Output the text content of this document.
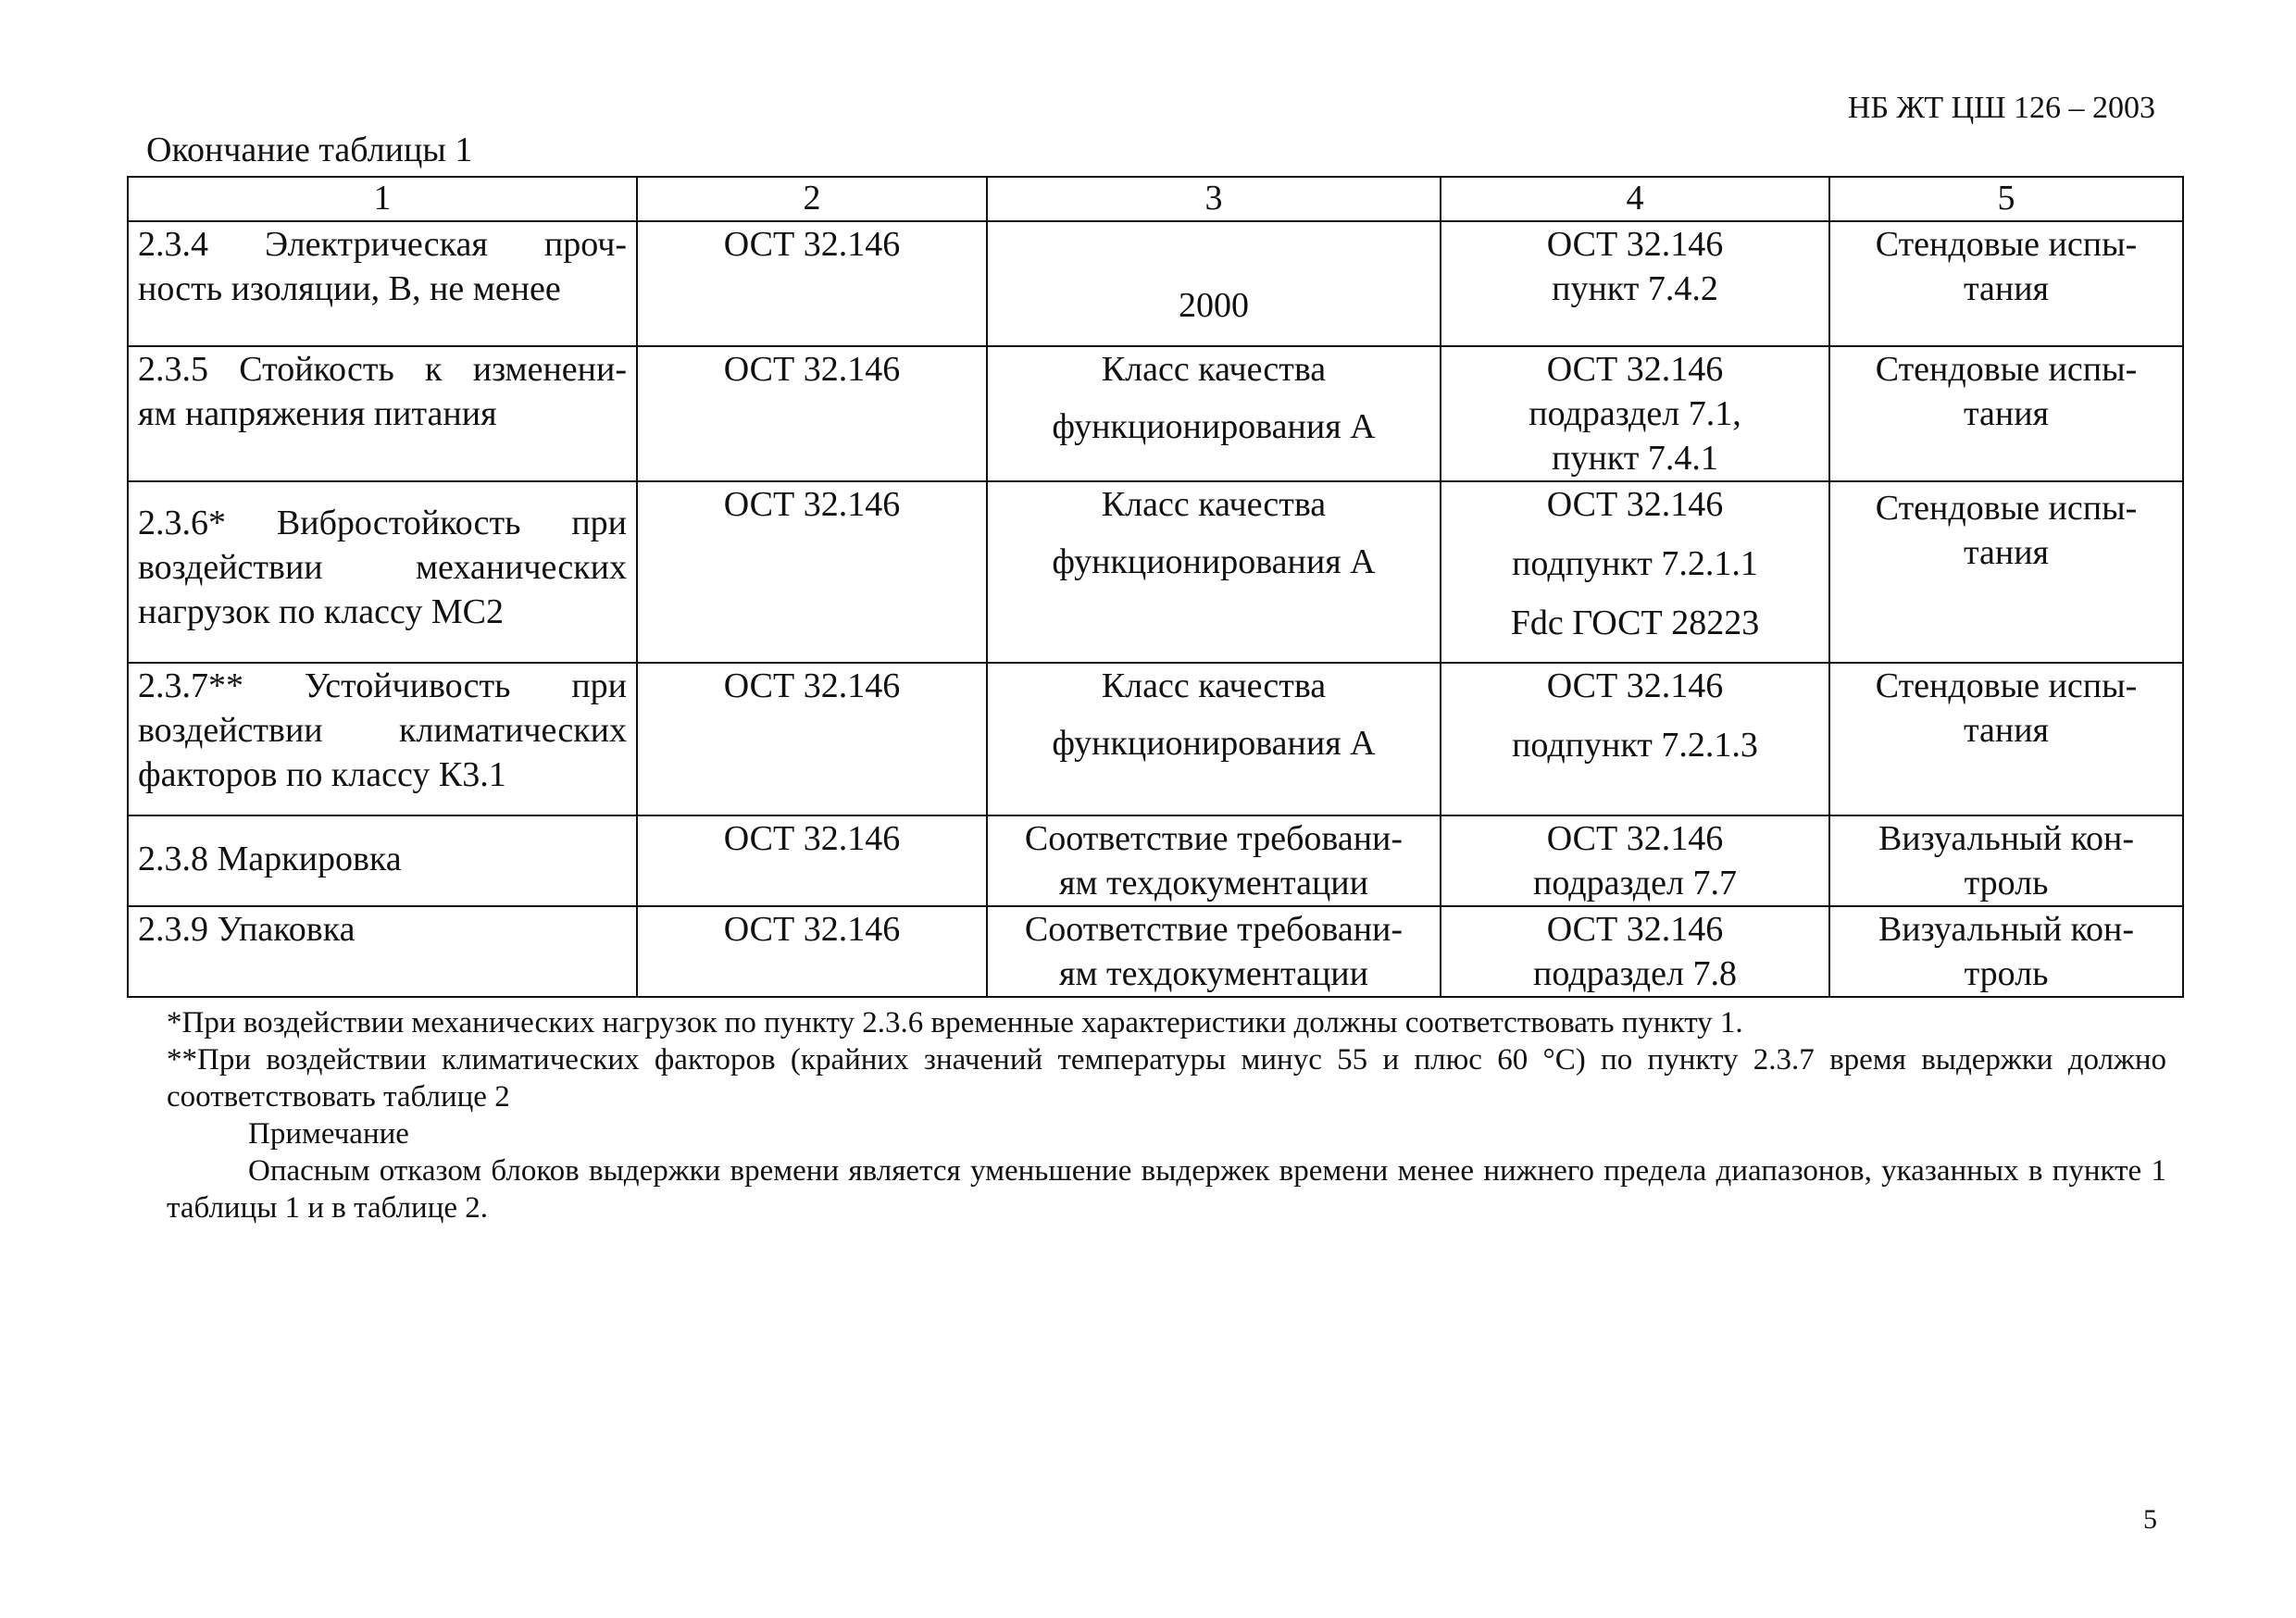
НБ ЖТ ЦШ 126 – 2003
Окончание таблицы 1
1	2	3	4	5

2.3.4 Электрическая проч-
ность изоляции, В, не менее	ОСТ 32.146	2000	ОСТ 32.146
пункт 7.4.2	Стендовые испы-
тания

2.3.5 Стойкость к изменени-
ям напряжения питания	ОСТ 32.146	Класс качества
функционирования А	ОСТ 32.146
подраздел 7.1,
пункт 7.4.1	Стендовые испы-
тания

2.3.6* Вибростойкость при
воздействии механических
нагрузок по классу МС2	ОСТ 32.146	Класс качества
функционирования А	ОСТ 32.146
подпункт 7.2.1.1
Fdc ГОСТ 28223	Стендовые испы-
тания

2.3.7** Устойчивость при
воздействии климатических
факторов по классу К3.1	ОСТ 32.146	Класс качества
функционирования А	ОСТ 32.146
подпункт 7.2.1.3	Стендовые испы-
тания

2.3.8 Маркировка	ОСТ 32.146	Соответствие требовани-
ям техдокументации	ОСТ 32.146
подраздел 7.7	Визуальный кон-
троль

2.3.9 Упаковка	ОСТ 32.146	Соответствие требовани-
ям техдокументации	ОСТ 32.146
подраздел 7.8	Визуальный кон-
троль
*При воздействии механических нагрузок по пункту 2.3.6 временные характеристики должны соответствовать пункту 1.
**При воздействии климатических факторов (крайних значений температуры минус 55 и плюс 60 °С) по пункту 2.3.7 время выдержки должно соответствовать таблице 2
Примечание
Опасным отказом блоков выдержки времени является уменьшение выдержек времени менее нижнего предела диапазонов, указанных в пункте 1 таблицы 1 и в таблице 2.
5
